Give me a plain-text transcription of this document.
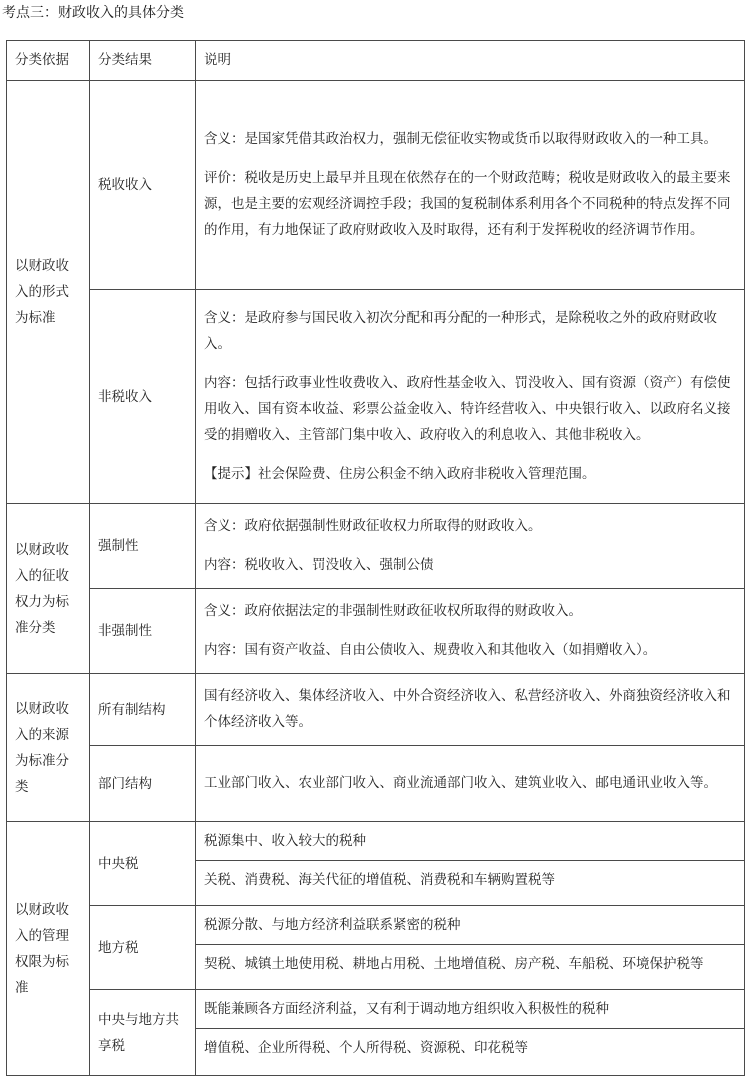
考点三：财政收入的具体分类
分类依据	分类结果	说明
以财政收入的形式为标准	税收收入	含义：是国家凭借其政治权力，强制无偿征收实物或货币以取得财政收入的一种工具。

评价：税收是历史上最早并且现在依然存在的一个财政范畴；税收是财政收入的最主要来源，也是主要的宏观经济调控手段；我国的复税制体系利用各个不同税种的特点发挥不同的作用，有力地保证了政府财政收入及时取得，还有利于发挥税收的经济调节作用。

	非税收入	含义：是政府参与国民收入初次分配和再分配的一种形式，是除税收之外的政府财政收入。

内容：包括行政事业性收费收入、政府性基金收入、罚没收入、国有资源（资产）有偿使用收入、国有资本收益、彩票公益金收入、特许经营收入、中央银行收入、以政府名义接受的捐赠收入、主管部门集中收入、政府收入的利息收入、其他非税收入。

【提示】社会保险费、住房公积金不纳入政府非税收入管理范围。

以财政收入的征收权力为标准分类	强制性	含义：政府依据强制性财政征收权力所取得的财政收入。

内容：税收收入、罚没收入、强制公债

	非强制性	含义：政府依据法定的非强制性财政征收权所取得的财政收入。

内容：国有资产收益、自由公债收入、规费收入和其他收入（如捐赠收入）。

以财政收入的来源为标准分类	所有制结构	国有经济收入、集体经济收入、中外合资经济收入、私营经济收入、外商独资经济收入和个体经济收入等。

	部门结构	工业部门收入、农业部门收入、商业流通部门收入、建筑业收入、邮电通讯业收入等。

以财政收入的管理权限为标准	中央税	税源集中、收入较大的税种
关税、消费税、海关代征的增值税、消费税和车辆购置税等

	地方税	税源分散、与地方经济利益联系紧密的税种
契税、城镇土地使用税、耕地占用税、土地增值税、房产税、车船税、环境保护税等

	中央与地方共享税	既能兼顾各方面经济利益，又有利于调动地方组织收入积极性的税种
增值税、企业所得税、个人所得税、资源税、印花税等
